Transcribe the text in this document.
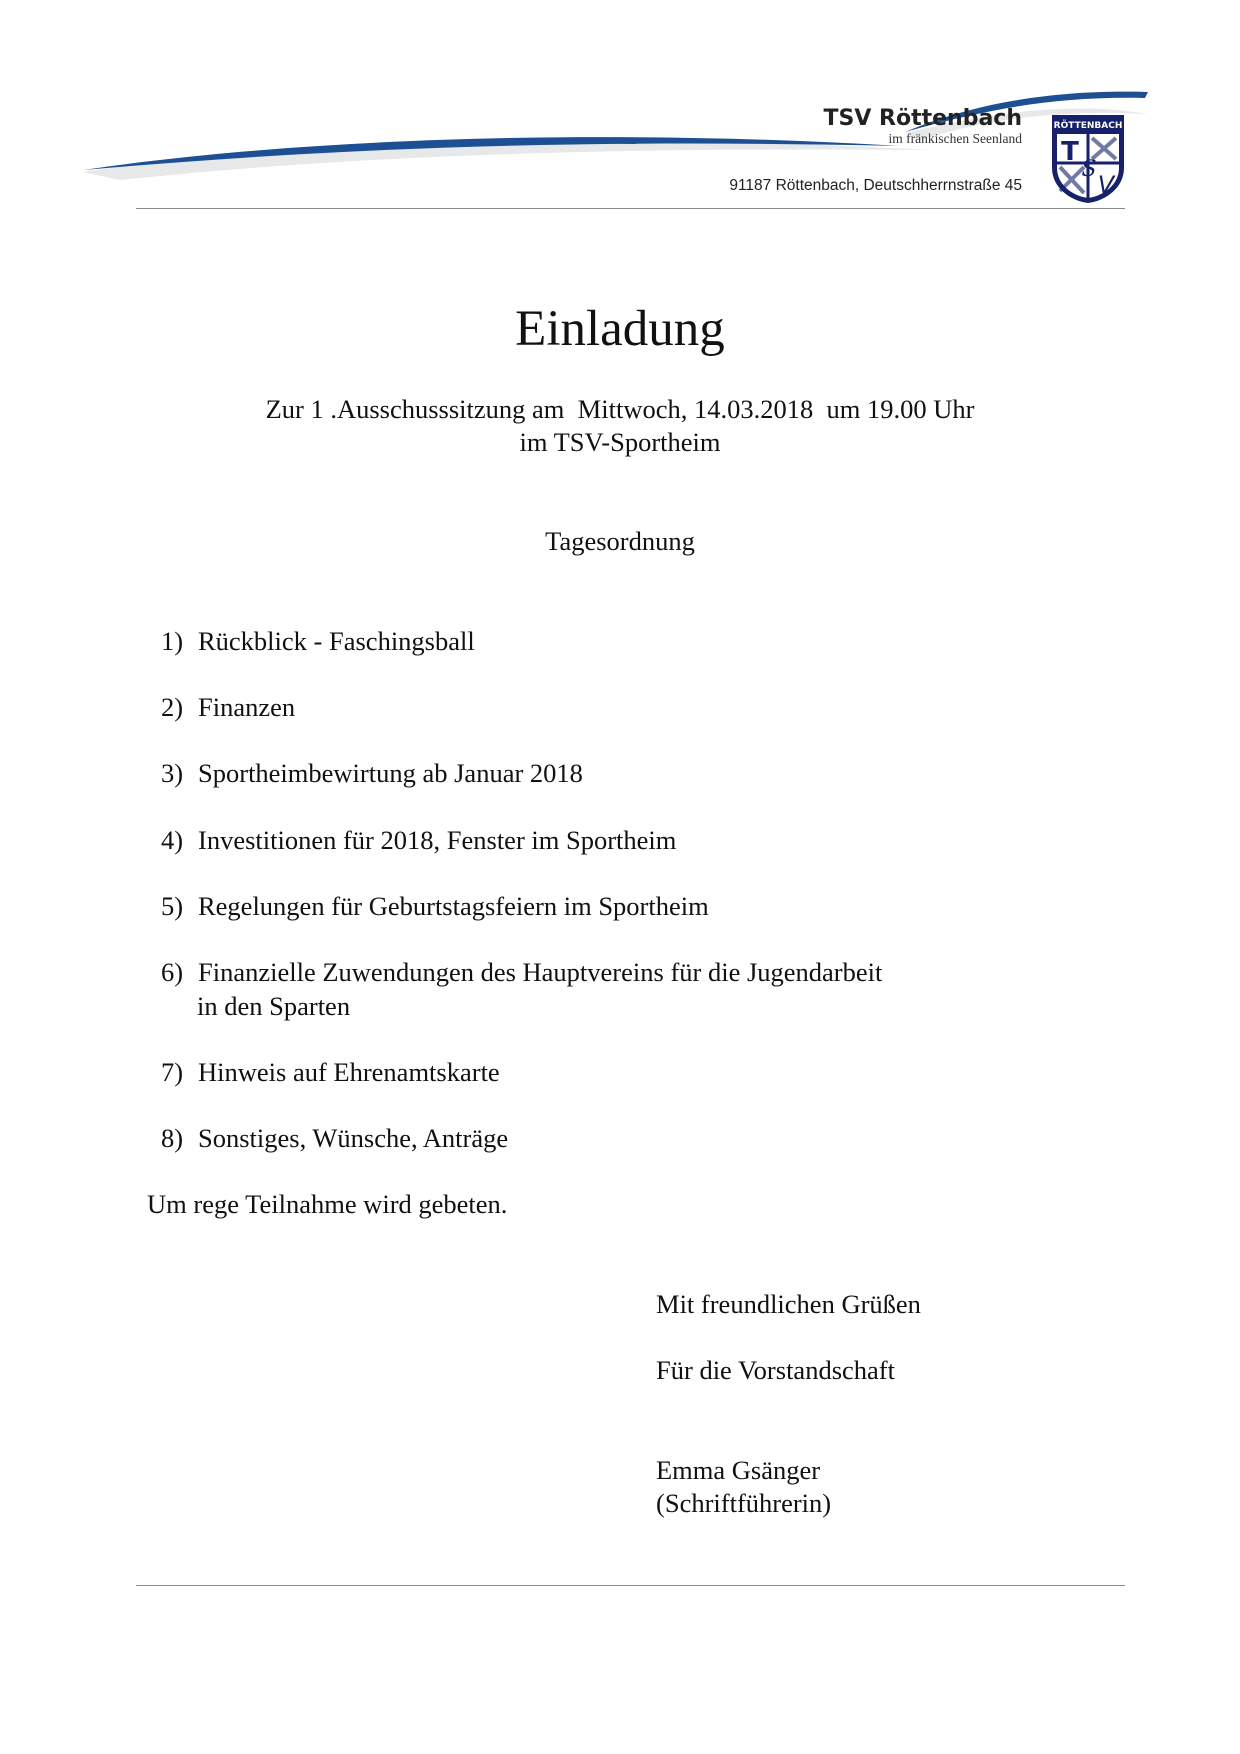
TSV Röttenbach
im fränkischen Seenland
91187 Röttenbach, Deutschherrnstraße 45
RÖTTENBACH
T
S
V
Einladung
Zur 1 .Ausschusssitzung am  Mittwoch, 14.03.2018  um 19.00 Uhr
im TSV-Sportheim
Tagesordnung
1) Rückblick - Faschingsball
2) Finanzen
3) Sportheimbewirtung ab Januar 2018
4) Investitionen für 2018, Fenster im Sportheim
5) Regelungen für Geburtstagsfeiern im Sportheim
6) Finanzielle Zuwendungen des Hauptvereins für die Jugendarbeit
in den Sparten
7) Hinweis auf Ehrenamtskarte
8) Sonstiges, Wünsche, Anträge
Um rege Teilnahme wird gebeten.
Mit freundlichen Grüßen
Für die Vorstandschaft
Emma Gsänger
(Schriftführerin)
